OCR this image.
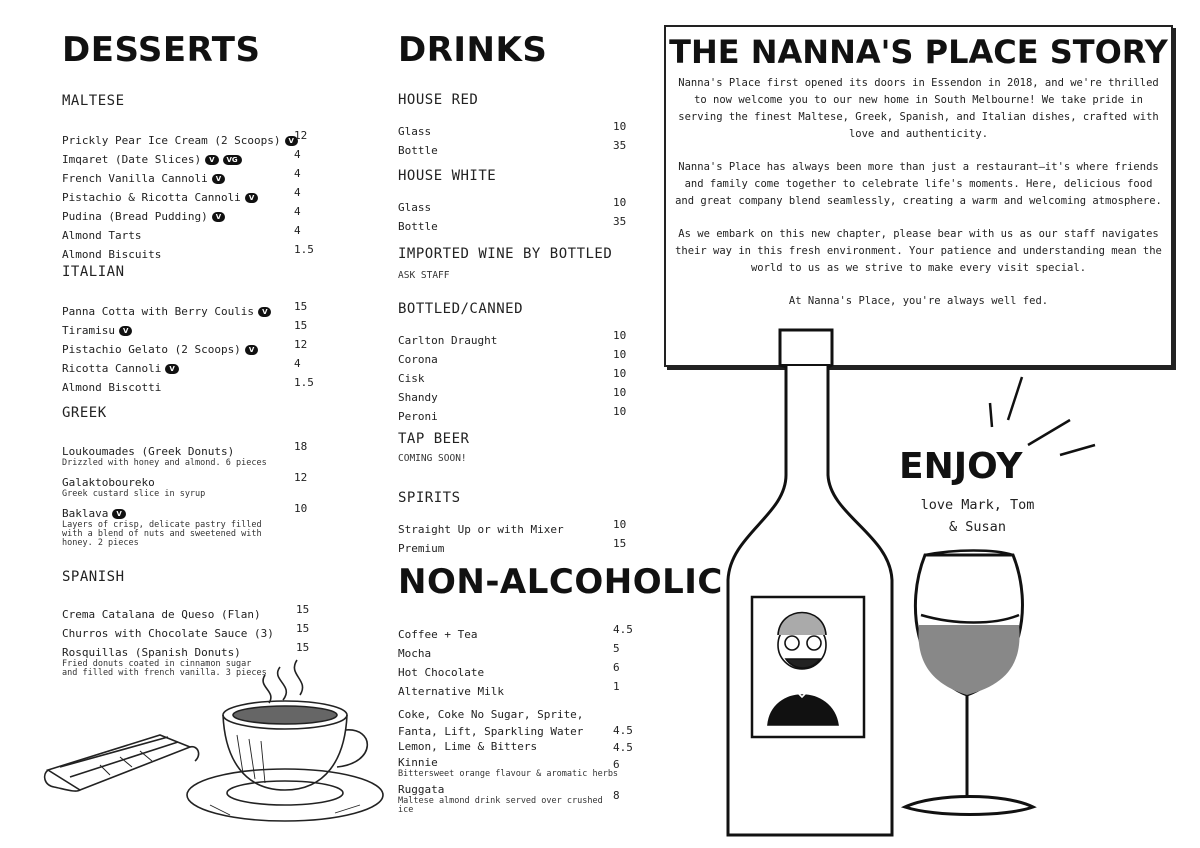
DESSERTS
MALTESE
Prickly Pear Ice Cream (2 Scoops) V 12
Imqaret (Date Slices) V VG	4
French Vanilla Cannoli V	4
Pistachio & Ricotta Cannoli V	4
Pudina (Bread Pudding) V	4
Almond Tarts	4
Almond Biscuits	1.5
ITALIAN
Panna Cotta with Berry Coulis V 15
Tiramisu V	15
Pistachio Gelato (2 Scoops) V	12
Ricotta Cannoli V	4
Almond Biscotti	1.5
GREEK
Loukoumades (Greek Donuts)	18
Drizzled with honey and almond. 6 pieces
Galaktoboureko	12
Greek custard slice in syrup
Baklava V	10
Layers of crisp, delicate pastry filled with a blend of nuts and sweetened with honey. 2 pieces
SPANISH
Crema Catalana de Queso (Flan)	15
Churros with Chocolate Sauce (3) 15
Rosquillas (Spanish Donuts)	15
Fried donuts coated in cinnamon sugar and filled with french vanilla. 3 pieces
DRINKS
HOUSE RED
Glass	10
Bottle	35
HOUSE WHITE
Glass	10
Bottle	35
IMPORTED WINE BY BOTTLED
ASK STAFF
BOTTLED/CANNED
Carlton Draught	10
Corona	10
Cisk	10
Shandy	10
Peroni	10
TAP BEER
COMING SOON!
SPIRITS
Straight Up or with Mixer	10
Premium	15
NON-ALCOHOLIC
Coffee + Tea	4.5
Mocha	5
Hot Chocolate	6
Alternative Milk	1
Coke, Coke No Sugar, Sprite,
Fanta, Lift, Sparkling Water	4.5
Lemon, Lime & Bitters	4.5
Kinnie
Bittersweet orange flavour & aromatic herbs
6
Ruggata
Maltese almond drink served over crushed ice
8
THE NANNA'S PLACE STORY

Nanna's Place first opened its doors in Essendon in 2018, and we're thrilled to now welcome you to our new home in South Melbourne! We take pride in serving the finest Maltese, Greek, Spanish, and Italian dishes, crafted with love and authenticity.

Nanna's Place has always been more than just a restaurant—it's where friends and family come together to celebrate life's moments. Here, delicious food and great company blend seamlessly, creating a warm and welcoming atmosphere.

As we embark on this new chapter, please bear with us as our staff navigates their way in this fresh environment. Your patience and understanding mean the world to us as we strive to make every visit special.

At Nanna's Place, you're always well fed.

ENJOY
love Mark, Tom
& Susan
